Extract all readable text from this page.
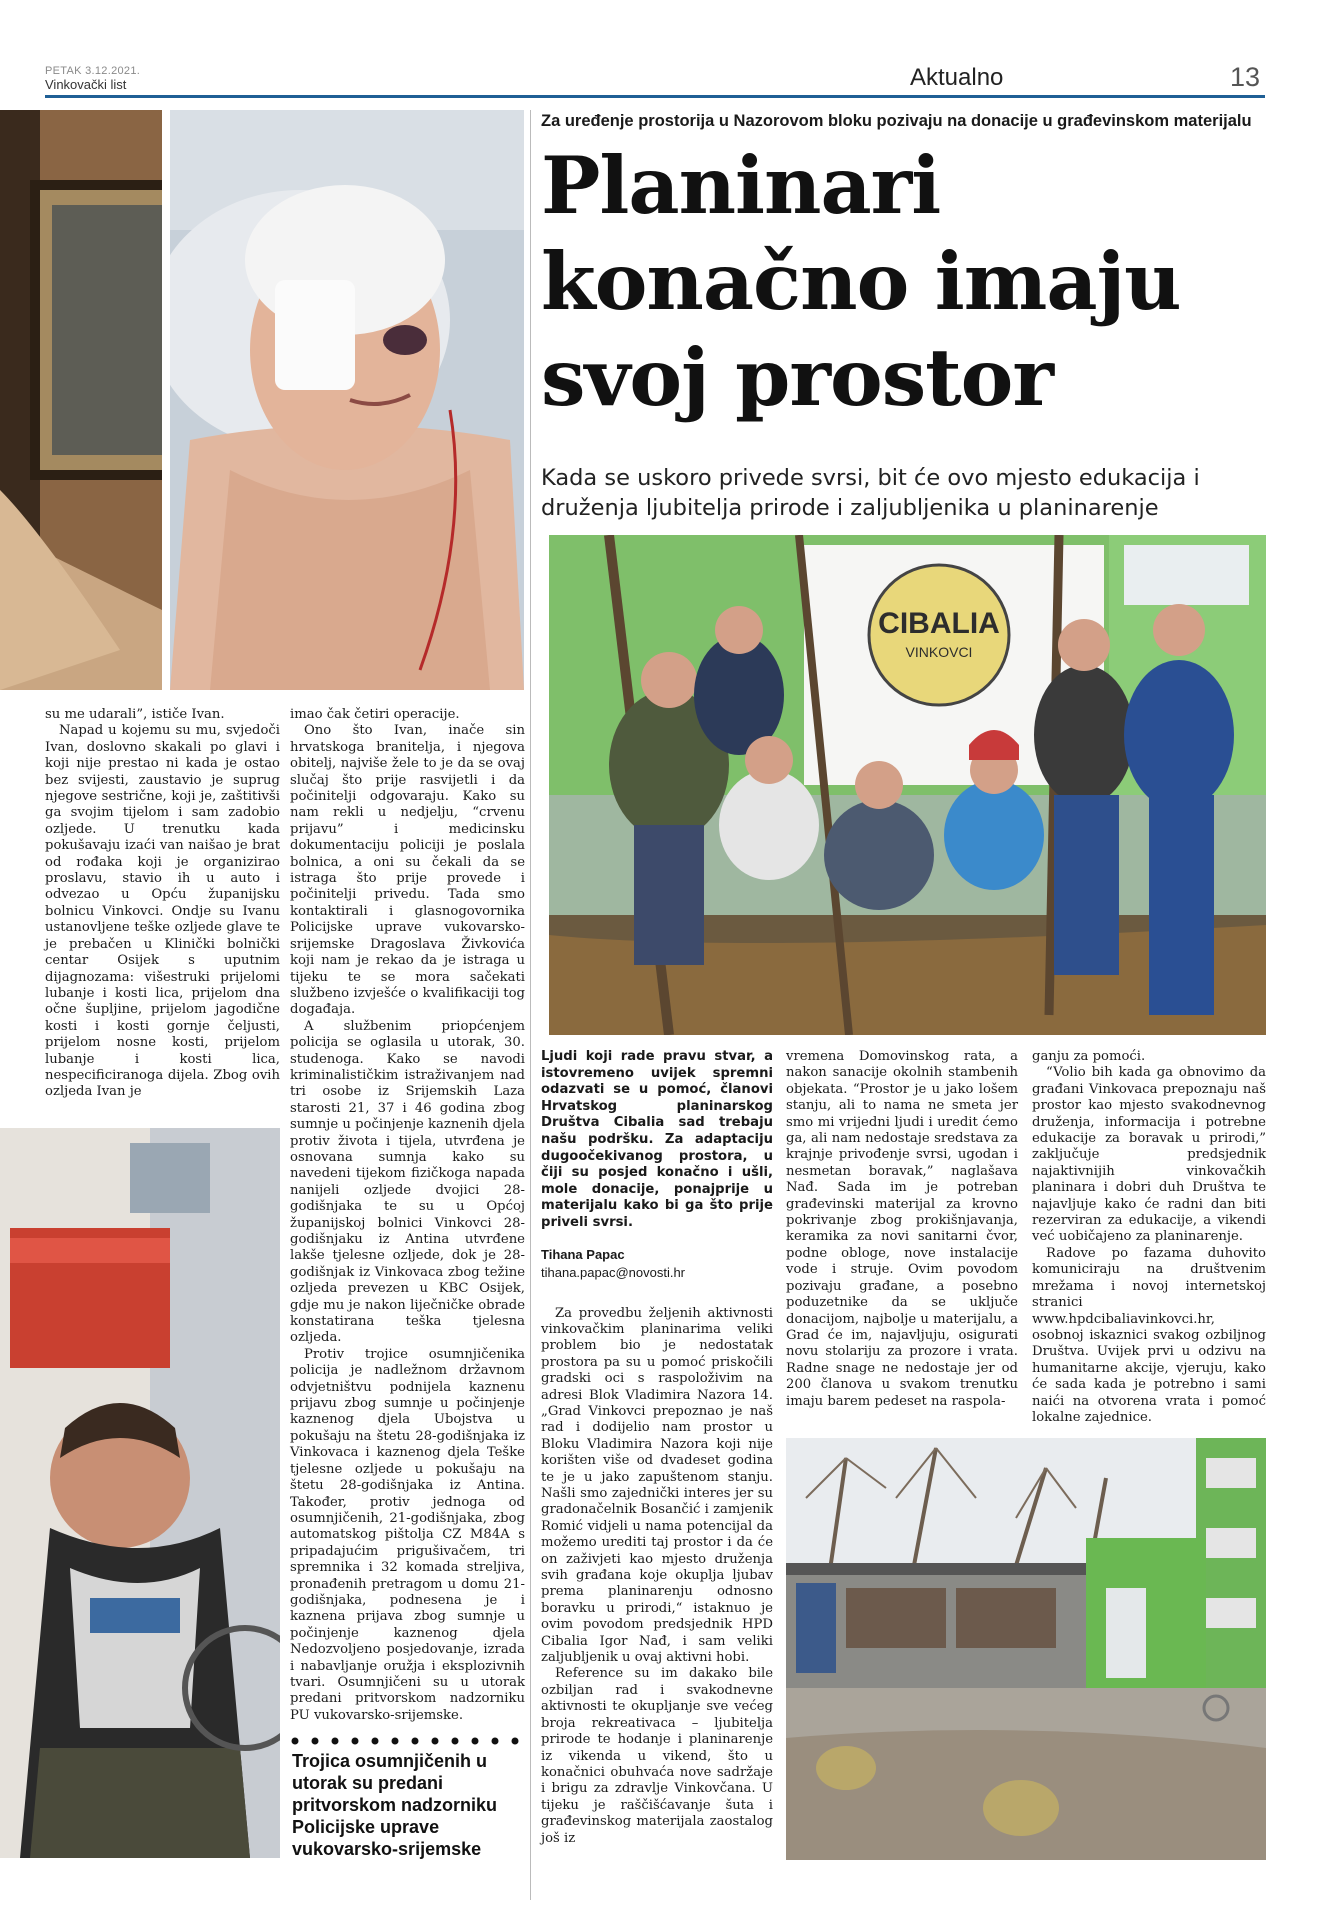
PETAK 3.12.2021.
Vinkovački list	Aktualno	13

su me udarali”, ističe Ivan.

Napad u kojemu su mu, svjedoči Ivan, doslovno skakali po glavi i koji nije prestao ni kada je ostao bez svijesti, zaustavio je suprug njegove sestrične, koji je, zaštitivši ga svojim tijelom i sam zadobio ozljede. U trenutku kada pokušavaju izaći van naišao je brat od rođaka koji je organizirao proslavu, stavio ih u auto i odvezao u Opću županijsku bolnicu Vinkovci. Ondje su Ivanu ustanovljene teške ozljede glave te je prebačen u Klinički bolnički centar Osijek s uputnim dijagnozama: višestruki prijelomi lubanje i kosti lica, prijelom dna očne šupljine, prijelom jagodične kosti i kosti gornje čeljusti, prijelom nosne kosti, prijelom lubanje i kosti lica, nespecificiranoga dijela. Zbog ovih ozljeda Ivan je

imao čak četiri operacije.

Ono što Ivan, inače sin hrvatskoga branitelja, i njegova obitelj, najviše žele to je da se ovaj slučaj što prije rasvijetli i da počinitelji odgovaraju. Kako su nam rekli u nedjelju, “crvenu prijavu” i medicinsku dokumentaciju policiji je poslala bolnica, a oni su čekali da se istraga što prije provede i počinitelji privedu. Tada smo kontaktirali i glasnogovornika Policijske uprave vukovarsko-srijemske Dragoslava Živkovića koji nam je rekao da je istraga u tijeku te se mora sačekati službeno izvješće o kvalifikaciji tog događaja.

A službenim priopćenjem policija se oglasila u utorak, 30. studenoga. Kako se navodi kriminalističkim istraživanjem nad tri osobe iz Srijemskih Laza starosti 21, 37 i 46 godina zbog sumnje u počinjenje kaznenih djela protiv života i tijela, utvrđena je osnovana sumnja kako su navedeni tijekom fizičkoga napada nanijeli ozljede dvojici 28-godišnjaka te su u Općoj županijskoj bolnici Vinkovci 28-godišnjaku iz Antina utvrđene lakše tjelesne ozljede, dok je 28-godišnjak iz Vinkovaca zbog težine ozljeda prevezen u KBC Osijek, gdje mu je nakon liječničke obrade konstatirana teška tjelesna ozljeda.

Protiv trojice osumnjičenika policija je nadležnom državnom odvjetništvu podnijela kaznenu prijavu zbog sumnje u počinjenje kaznenog djela Ubojstva u pokušaju na štetu 28-godišnjaka iz Vinkovaca i kaznenog djela Teške tjelesne ozljede u pokušaju na štetu 28-godišnjaka iz Antina. Također, protiv jednoga od osumnjičenih, 21-godišnjaka, zbog automatskog pištolja CZ M84A s pripadajućim prigušivačem, tri spremnika i 32 komada streljiva, pronađenih pretragom u domu 21-godišnjaka, podnesena je i kaznena prijava zbog sumnje u počinjenje kaznenog djela Nedozvoljeno posjedovanje, izrada i nabavljanje oružja i eksplozivnih tvari. Osumnjičeni su u utorak predani pritvorskom nadzorniku PU vukovarsko-srijemske.

Trojica osumnjičenih u utorak su predani pritvorskom nadzorniku Policijske uprave vukovarsko-srijemske
Za uređenje prostorija u Nazorovom bloku pozivaju na donacije u građevinskom materijalu
Planinari
konačno imaju
svoj prostor
Kada se uskoro privede svrsi, bit će ovo mjesto edukacija i druženja ljubitelja prirode i zaljubljenika u planinarenje
CIBALIA
VINKOVCI

Ljudi koji rade pravu stvar, a istovremeno uvijek spremni odazvati se u pomoć, članovi Hrvatskog planinarskog Društva Cibalia sad trebaju našu podršku. Za adaptaciju dugoočekivanog prostora, u čiji su posjed konačno i ušli, mole donacije, ponajprije u materijalu kako bi ga što prije priveli svrsi.

Tihana Papac
tihana.papac@novosti.hr

Za provedbu željenih aktivnosti vinkovačkim planinarima veliki problem bio je nedostatak prostora pa su u pomoć priskočili gradski oci s raspoloživim na adresi Blok Vladimira Nazora 14. „Grad Vinkovci prepoznao je naš rad i dodijelio nam prostor u Bloku Vladimira Nazora koji nije korišten više od dvadeset godina te je u jako zapuštenom stanju. Našli smo zajednički interes jer su gradonačelnik Bosančić i zamjenik Romić vidjeli u nama potencijal da možemo urediti taj prostor i da će on zaživjeti kao mjesto druženja svih građana koje okuplja ljubav prema planinarenju odnosno boravku u prirodi,“ istaknuo je ovim povodom predsjednik HPD Cibalia Igor Nađ, i sam veliki zaljubljenik u ovaj aktivni hobi.

Reference su im dakako bile ozbiljan rad i svakodnevne aktivnosti te okupljanje sve većeg broja rekreativaca – ljubitelja prirode te hodanje i planinarenje iz vikenda u vikend, što u konačnici obuhvaća nove sadržaje i brigu za zdravlje Vinkovčana. U tijeku je raščišćavanje šuta i građevinskog materijala zaostalog još iz

vremena Domovinskog rata, a nakon sanacije okolnih stambenih objekata. “Prostor je u jako lošem stanju, ali to nama ne smeta jer smo mi vrijedni ljudi i uredit ćemo ga, ali nam nedostaje sredstava za krajnje privođenje svrsi, ugodan i nesmetan boravak,” naglašava Nađ. Sada im je potreban građevinski materijal za krovno pokrivanje zbog prokišnjavanja, keramika za novi sanitarni čvor, podne obloge, nove instalacije vode i struje. Ovim povodom pozivaju građane, a posebno poduzetnike da se uključe donacijom, najbolje u materijalu, a Grad će im, najavljuju, osigurati novu stolariju za prozore i vrata. Radne snage ne nedostaje jer od 200 članova u svakom trenutku imaju barem pedeset na raspola-

ganju za pomoći.

“Volio bih kada ga obnovimo da građani Vinkovaca prepoznaju naš prostor kao mjesto svakodnevnog druženja, informacija i potrebne edukacije za boravak u prirodi,” zaključuje predsjednik najaktivnijih vinkovačkih planinara i dobri duh Društva te najavljuje kako će radni dan biti rezerviran za edukacije, a vikendi već uobičajeno za planinarenje.

Radove po fazama duhovito komuniciraju na društvenim mrežama i novoj internetskoj stranici www.hpdcibaliavinkovci.hr, osobnoj iskaznici svakog ozbiljnog Društva. Uvijek prvi u odzivu na humanitarne akcije, vjeruju, kako će sada kada je potrebno i sami naići na otvorena vrata i pomoć lokalne zajednice.
